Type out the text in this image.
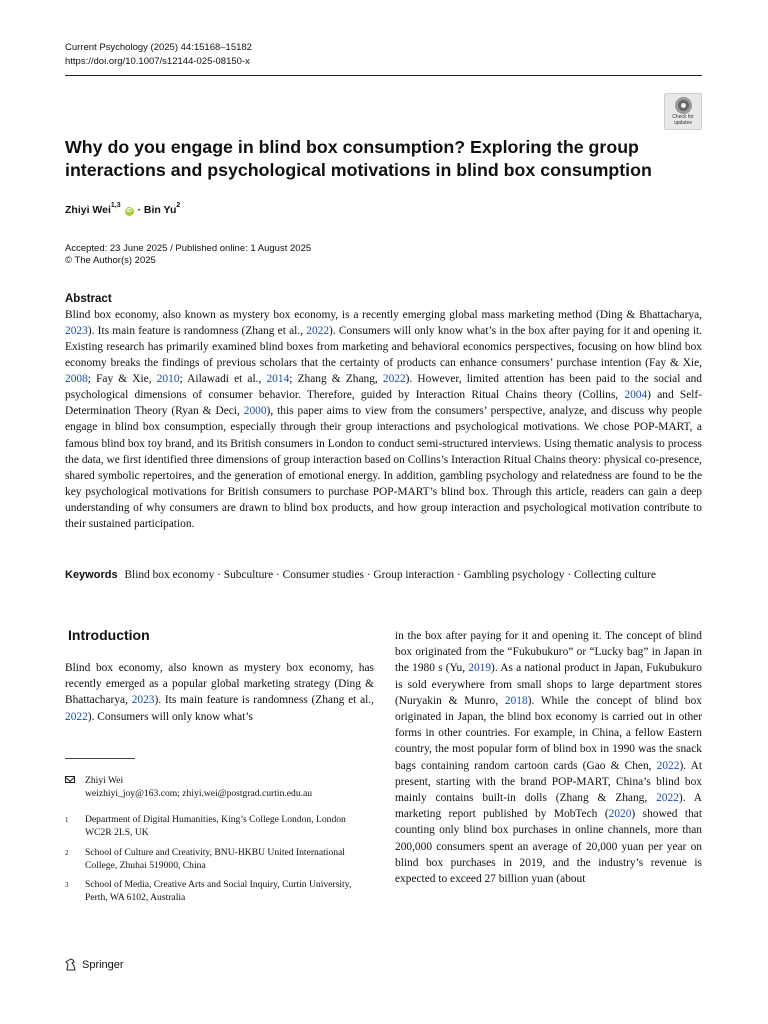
Current Psychology (2025) 44:15168–15182
https://doi.org/10.1007/s12144-025-08150-x
Check for
updates
Why do you engage in blind box consumption? Exploring the group interactions and psychological motivations in blind box consumption
Zhiyi Wei$^{1,3}$ iD · Bin Yu$^2$
Accepted: 23 June 2025 / Published online: 1 August 2025
© The Author(s) 2025
Abstract

Blind box economy, also known as mystery box economy, is a recently emerging global mass marketing method (Ding & Bhattacharya, 2023). Its main feature is randomness (Zhang et al., 2022). Consumers will only know what’s in the box after paying for it and opening it. Existing research has primarily examined blind boxes from marketing and behavioral economics perspectives, focusing on how blind box economy breaks the findings of previous scholars that the certainty of products can enhance consumers’ purchase intention (Fay & Xie, 2008; Fay & Xie, 2010; Ailawadi et al., 2014; Zhang & Zhang, 2022). However, limited attention has been paid to the social and psychological dimensions of consumer behavior. Therefore, guided by Interaction Ritual Chains theory (Collins, 2004) and Self-Determination Theory (Ryan & Deci, 2000), this paper aims to view from the consumers’ perspective, analyze, and discuss why people engage in blind box consumption, especially through their group interactions and psychological motivations. We chose POP-MART, a famous blind box toy brand, and its British consumers in London to conduct semi-structured interviews. Using thematic analysis to process the data, we first identified three dimensions of group interaction based on Collins’s Interaction Ritual Chains theory: physical co-presence, shared symbolic repertoires, and the generation of emotional energy. In addition, gambling psychology and relatedness are found to be the key psychological motivations for British consumers to purchase POP-MART’s blind box. Through this article, readers can gain a deep understanding of why consumers are drawn to blind box products, and how group interaction and psychological motivation contribute to their sustained participation.

Keywords Blind box economy · Subculture · Consumer studies · Group interaction · Gambling psychology · Collecting culture

Introduction

Blind box economy, also known as mystery box economy, has recently emerged as a popular global marketing strategy (Ding & Bhattacharya, 2023). Its main feature is randomness (Zhang et al., 2022). Consumers will only know what’s

in the box after paying for it and opening it. The concept of blind box originated from the “Fukubukuro” or “Lucky bag” in Japan in the 1980 s (Yu, 2019). As a national product in Japan, Fukubukuro is sold everywhere from small shops to large department stores (Nuryakin & Munro, 2018). While the concept of blind box originated in Japan, the blind box economy is carried out in other forms in other countries. For example, in China, a fellow Eastern country, the most popular form of blind box in 1990 was the snack bags containing random cartoon cards (Gao & Chen, 2022). At present, starting with the brand POP-MART, China’s blind box mainly contains built-in dolls (Zhang & Zhang, 2022). A marketing report published by MobTech (2020) showed that counting only blind box purchases in online channels, more than 200,000 consumers spent an average of 20,000 yuan per year on blind box purchases in 2019, and the industry’s revenue is expected to exceed 27 billion yuan (about

Zhiyi Wei
weizhiyi_joy@163.com; zhiyi.wei@postgrad.curtin.edu.au
1 Department of Digital Humanities, King’s College London, London WC2R 2LS, UK
2 School of Culture and Creativity, BNU-HKBU United International College, Zhuhai 519000, China
3 School of Media, Creative Arts and Social Inquiry, Curtin University, Perth, WA 6102, Australia
Springer
